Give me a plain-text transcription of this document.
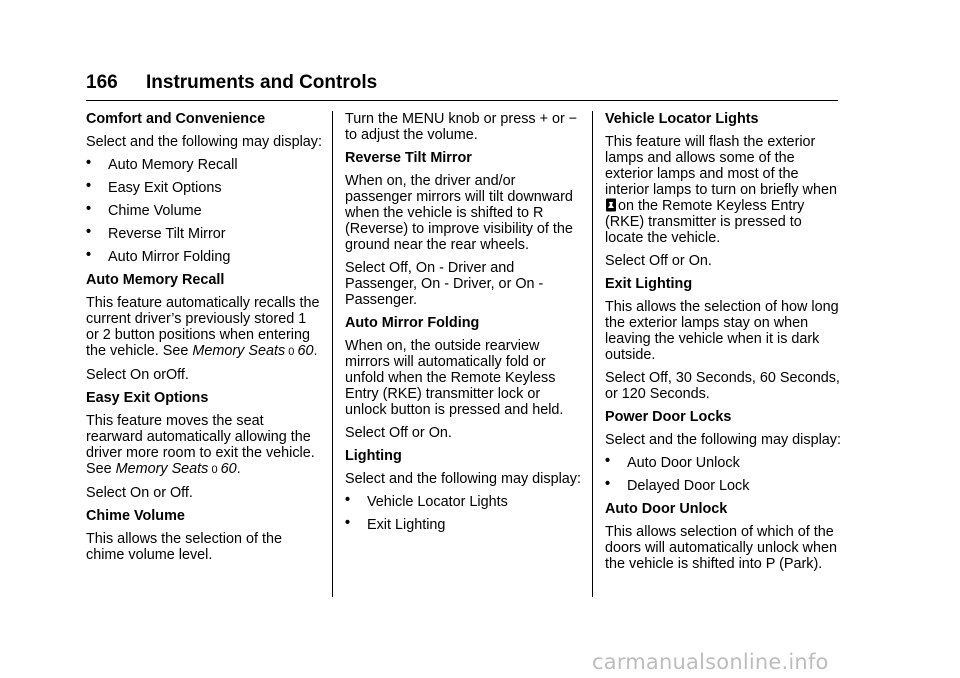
166 Instruments and Controls

Comfort and Convenience

Select and the following may display:

• Auto Memory Recall
• Easy Exit Options
• Chime Volume
• Reverse Tilt Mirror
• Auto Mirror Folding

Auto Memory Recall

This feature automatically recalls the current driver’s previously stored 1 or 2 button positions when entering the vehicle. See Memory Seats 0 60.

Select On orOff.

Easy Exit Options

This feature moves the seat rearward automatically allowing the driver more room to exit the vehicle. See Memory Seats 0 60.

Select On or Off.

Chime Volume

This allows the selection of the chime volume level.

Turn the MENU knob or press + or − to adjust the volume.

Reverse Tilt Mirror

When on, the driver and/or passenger mirrors will tilt downward when the vehicle is shifted to R (Reverse) to improve visibility of the ground near the rear wheels.

Select Off, On - Driver and Passenger, On - Driver, or On - Passenger.

Auto Mirror Folding

When on, the outside rearview mirrors will automatically fold or unfold when the Remote Keyless Entry (RKE) transmitter lock or unlock button is pressed and held.

Select Off or On.

Lighting

Select and the following may display:

• Vehicle Locator Lights
• Exit Lighting

Vehicle Locator Lights

This feature will flash the exterior lamps and allows some of the exterior lamps and most of the interior lamps to turn on briefly whenon the Remote Keyless Entry (RKE) transmitter is pressed to locate the vehicle.

Select Off or On.

Exit Lighting

This allows the selection of how long the exterior lamps stay on when leaving the vehicle when it is dark outside.

Select Off, 30 Seconds, 60 Seconds, or 120 Seconds.

Power Door Locks

Select and the following may display:

• Auto Door Unlock
• Delayed Door Lock

Auto Door Unlock

This allows selection of which of the doors will automatically unlock when the vehicle is shifted into P (Park).

carmanualsonline.info
